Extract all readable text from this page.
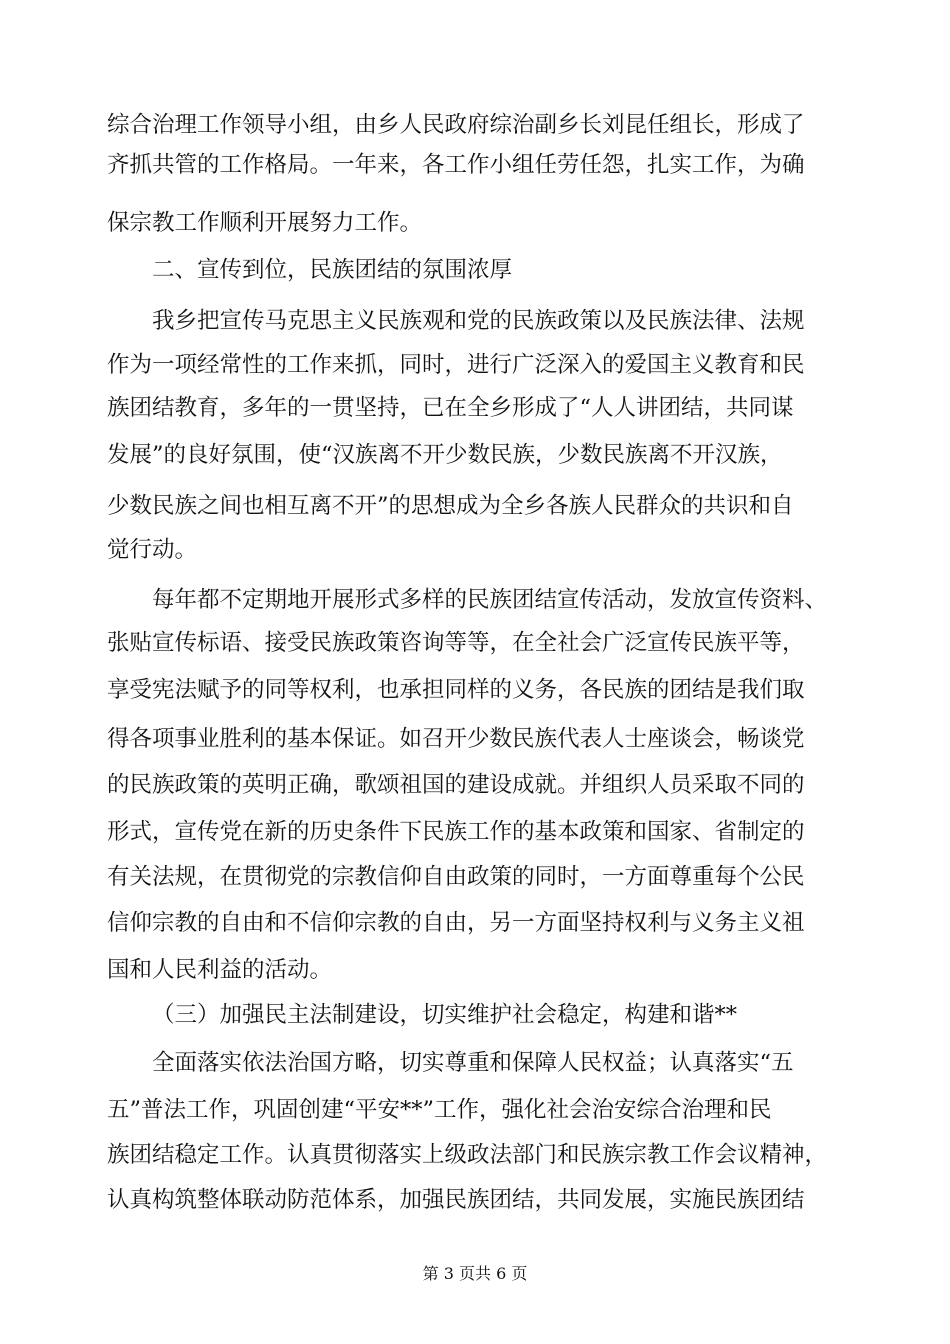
综合治理工作领导小组，由乡人民政府综治副乡长刘昆任组长，形成了
齐抓共管的工作格局。一年来，各工作小组任劳任怨，扎实工作，为确
保宗教工作顺利开展努力工作。
二、宣传到位，民族团结的氛围浓厚
我乡把宣传马克思主义民族观和党的民族政策以及民族法律、法规
作为一项经常性的工作来抓，同时，进行广泛深入的爱国主义教育和民
族团结教育，多年的一贯坚持，已在全乡形成了“人人讲团结，共同谋
发展”的良好氛围，使“汉族离不开少数民族，少数民族离不开汉族，
少数民族之间也相互离不开”的思想成为全乡各族人民群众的共识和自
觉行动。
每年都不定期地开展形式多样的民族团结宣传活动，发放宣传资料、
张贴宣传标语、接受民族政策咨询等等，在全社会广泛宣传民族平等，
享受宪法赋予的同等权利，也承担同样的义务，各民族的团结是我们取
得各项事业胜利的基本保证。如召开少数民族代表人士座谈会，畅谈党
的民族政策的英明正确，歌颂祖国的建设成就。并组织人员采取不同的
形式，宣传党在新的历史条件下民族工作的基本政策和国家、省制定的
有关法规，在贯彻党的宗教信仰自由政策的同时，一方面尊重每个公民
信仰宗教的自由和不信仰宗教的自由，另一方面坚持权利与义务主义祖
国和人民利益的活动。
（三）加强民主法制建设，切实维护社会稳定，构建和谐**
全面落实依法治国方略，切实尊重和保障人民权益；认真落实“五
五”普法工作，巩固创建“平安**”工作，强化社会治安综合治理和民
族团结稳定工作。认真贯彻落实上级政法部门和民族宗教工作会议精神，
认真构筑整体联动防范体系，加强民族团结，共同发展，实施民族团结
第 3 页共 6 页
